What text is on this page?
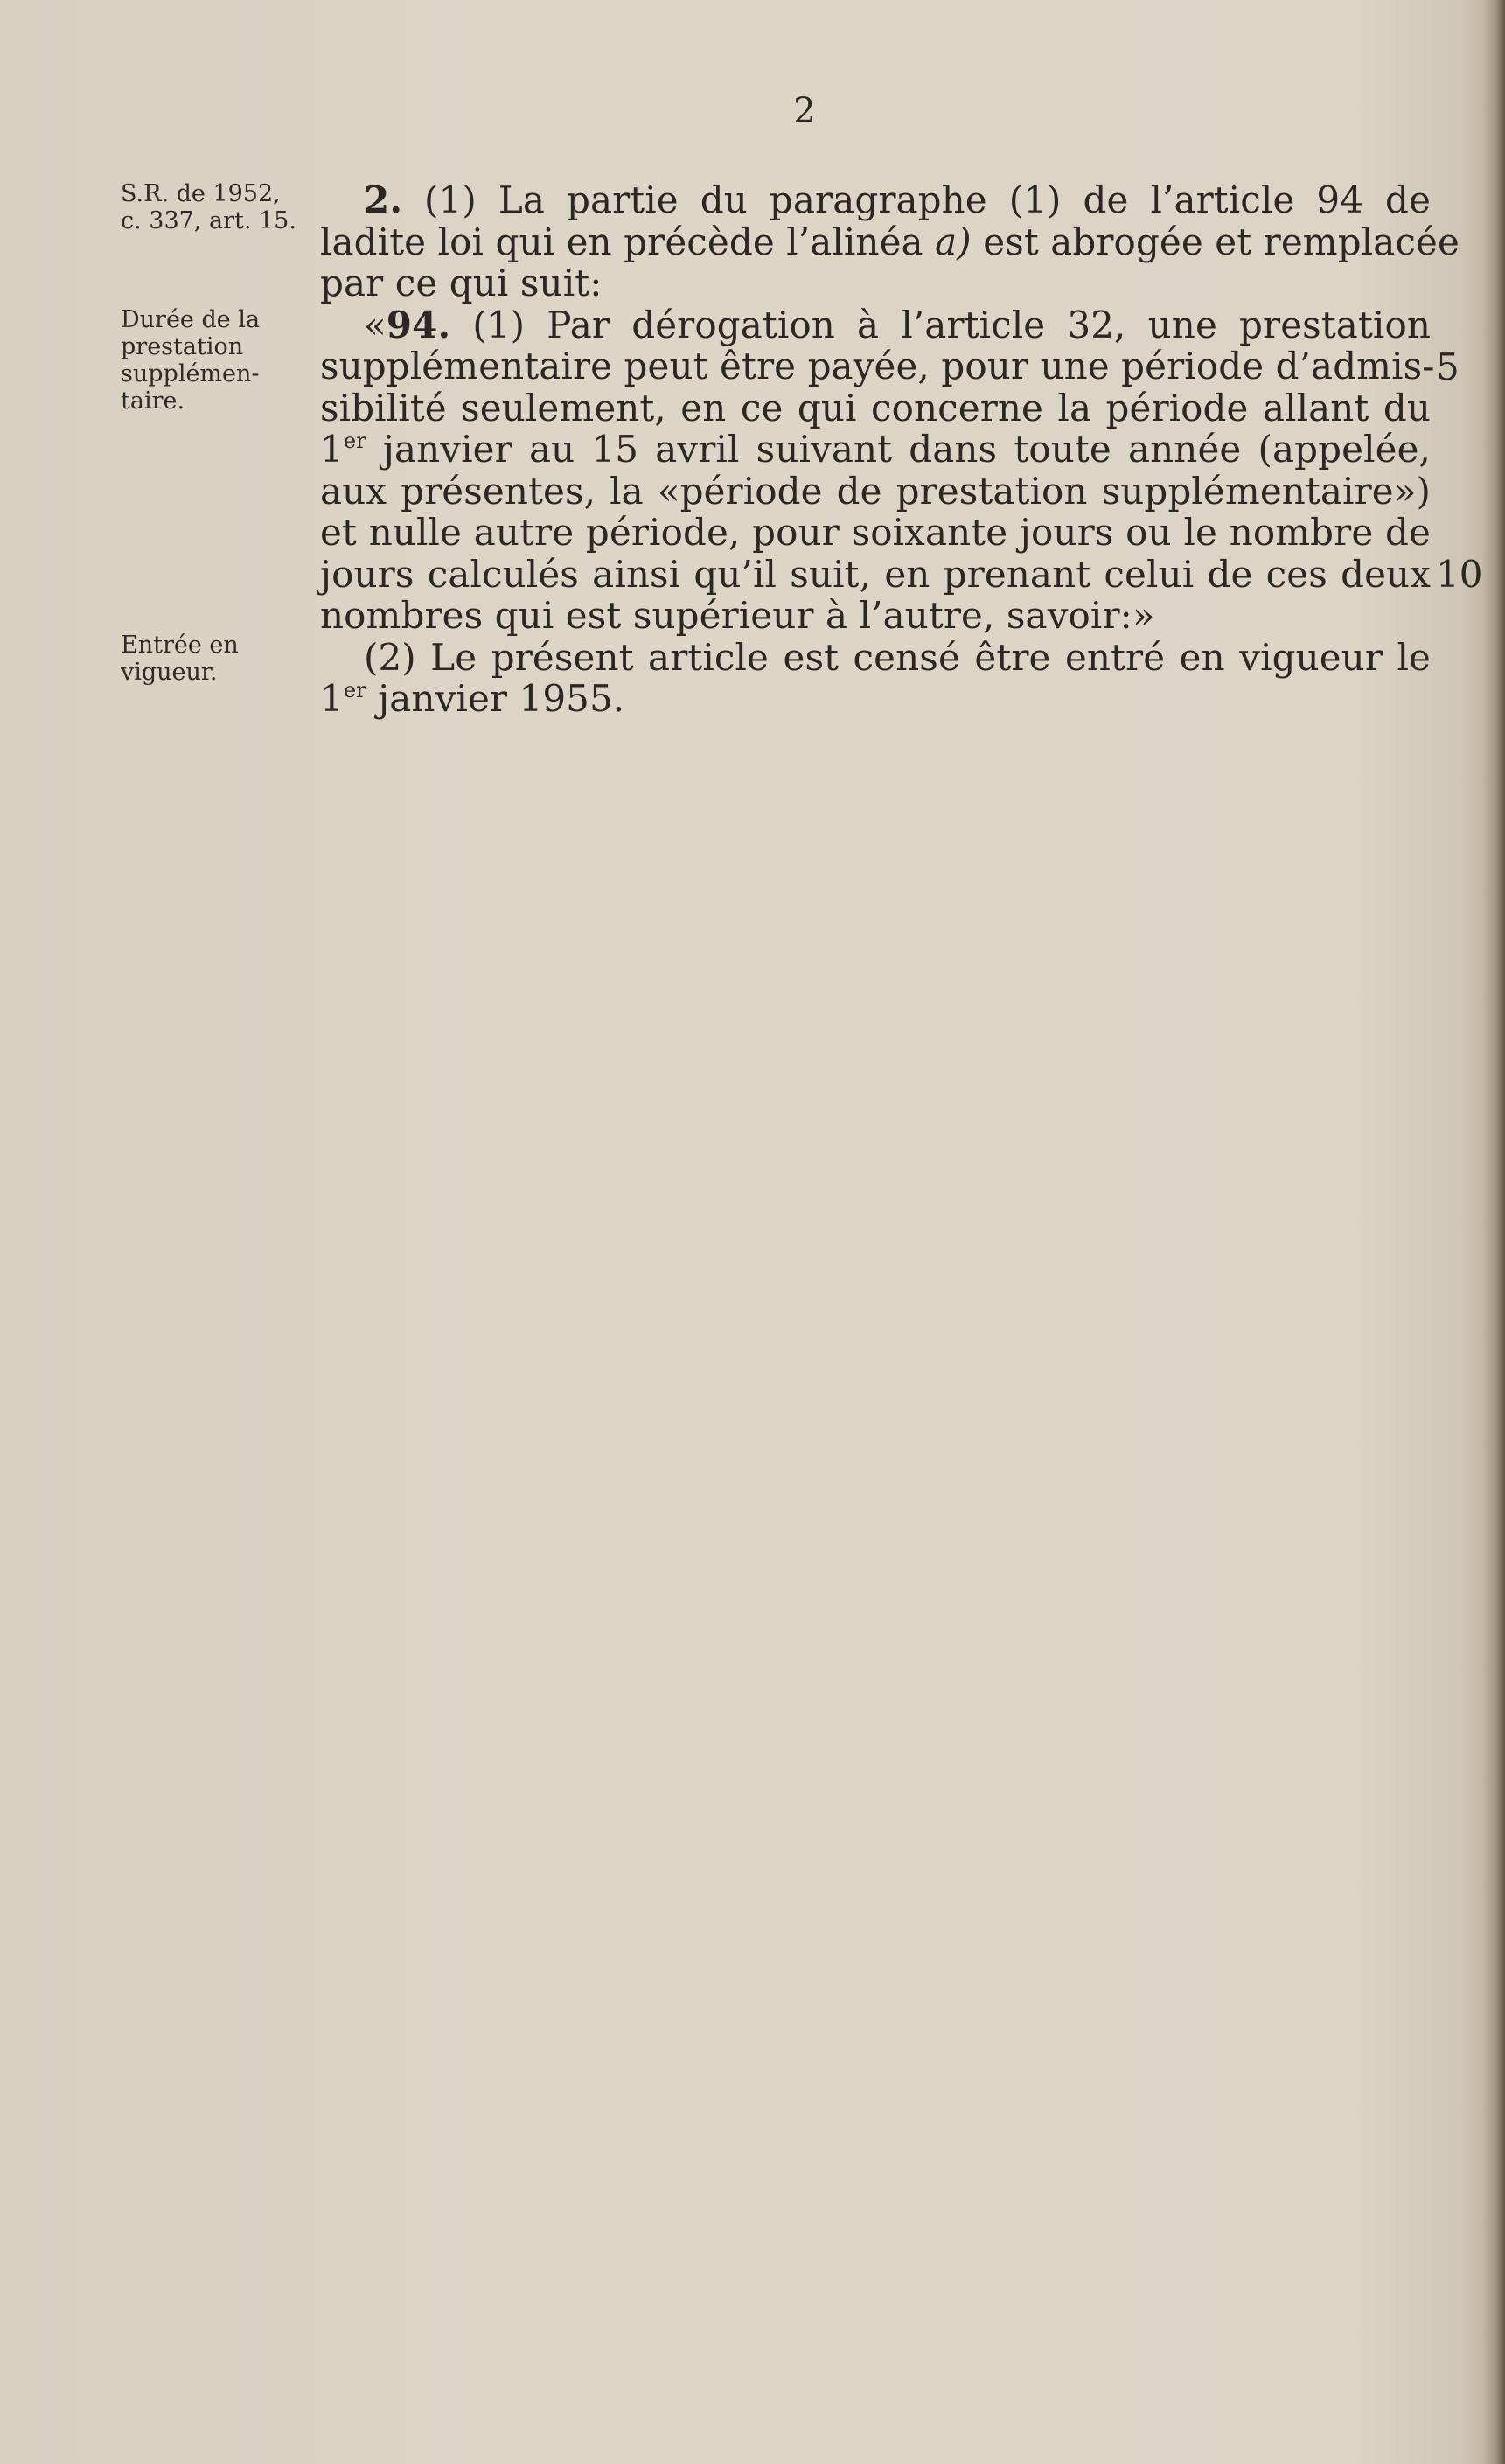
2
S.R. de 1952,
c. 337, art. 15.
Durée de la
prestation
supplémen-
taire.
Entrée en
vigueur.
2. (1) La partie du paragraphe (1) de l’article 94 de
ladite loi qui en précède l’alinéa a) est abrogée et remplacée
par ce qui suit:
«94. (1) Par dérogation à l’article 32, une prestation
supplémentaire peut être payée, pour une période d’admis-
sibilité seulement, en ce qui concerne la période allant du
1er janvier au 15 avril suivant dans toute année (appelée,
aux présentes, la «période de prestation supplémentaire»)
et nulle autre période, pour soixante jours ou le nombre de
jours calculés ainsi qu’il suit, en prenant celui de ces deux
nombres qui est supérieur à l’autre, savoir:»
(2) Le présent article est censé être entré en vigueur le
1er janvier 1955.
5
10
